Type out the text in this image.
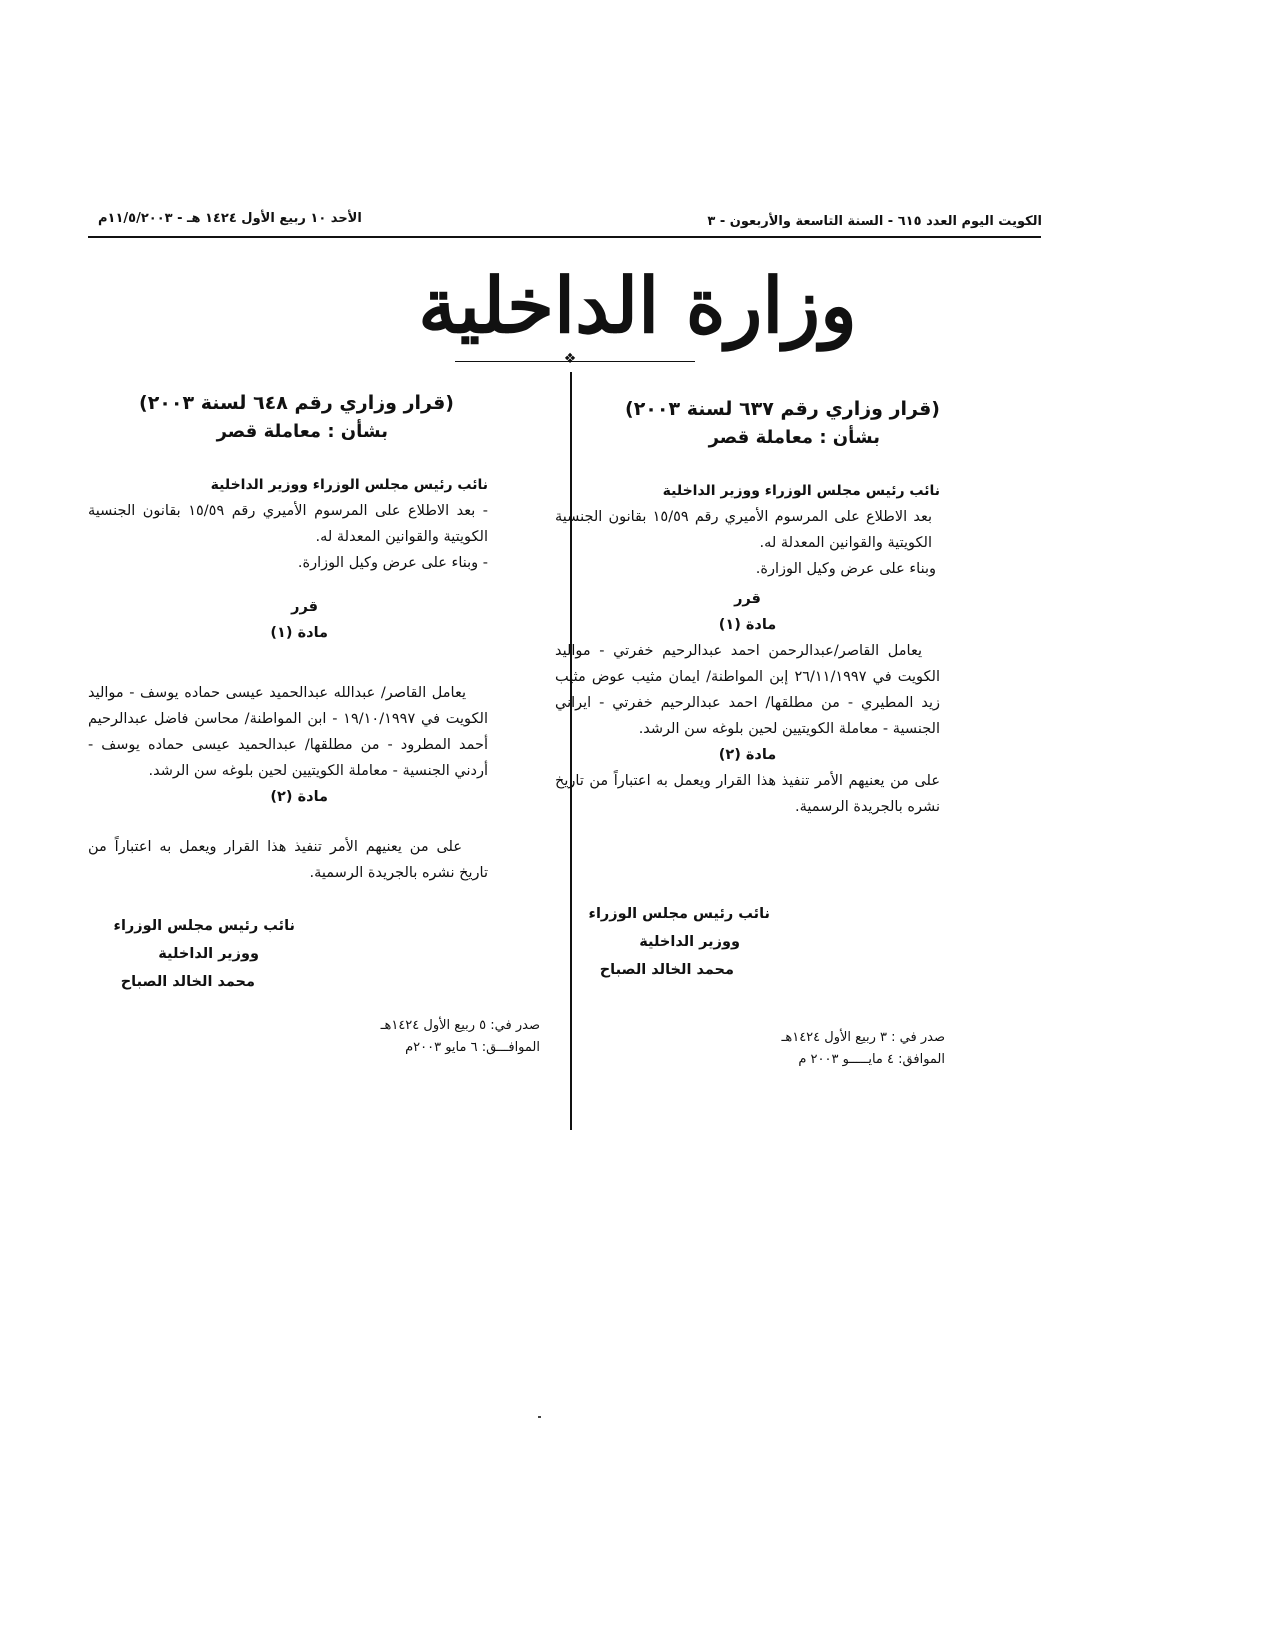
الكويت اليوم العدد ٦١٥ - السنة التاسعة والأربعون - ٣
الأحد ١٠ ربيع الأول ١٤٢٤ هـ - ١١/٥/٢٠٠٣م
وزارة الداخلية
❖

(قرار وزاري رقم ٦٣٧ لسنة ٢٠٠٣)

بشأن : معاملة قصر

نائب رئيس مجلس الوزراء ووزير الداخلية

بعد الاطلاع على المرسوم الأميري رقم ١٥/٥٩ بقانون الجنسية الكويتية والقوانين المعدلة له.

وبناء على عرض وكيل الوزارة.

قرر

مادة (١)

يعامل القاصر/عبدالرحمن احمد عبدالرحيم خفرتي - مواليد الكويت في ٢٦/١١/١٩٩٧ إبن المواطنة/ ايمان مثيب عوض مثيب زيد المطيري - من مطلقها/ احمد عبدالرحيم خفرتي - ايراني الجنسية - معاملة الكويتيين لحين بلوغه سن الرشد.

مادة (٢)

على من يعنيهم الأمر تنفيذ هذا القرار ويعمل به اعتباراً من تاريخ نشره بالجريدة الرسمية.

نائب رئيس مجلس الوزراء
ووزير الداخلية
محمد الخالد الصباح
صدر في : ٣ ربيع الأول ١٤٢٤هـ
الموافق: ٤ مايـــــو ٢٠٠٣ م

(قرار وزاري رقم ٦٤٨ لسنة ٢٠٠٣)

بشأن : معاملة قصر

نائب رئيس مجلس الوزراء ووزير الداخلية

- بعد الاطلاع على المرسوم الأميري رقم ١٥/٥٩ بقانون الجنسية الكويتية والقوانين المعدلة له.

- وبناء على عرض وكيل الوزارة.

قرر

مادة (١)

يعامل القاصر/ عبدالله عبدالحميد عيسى حماده يوسف - مواليد الكويت في ١٩/١٠/١٩٩٧ - ابن المواطنة/ محاسن فاضل عبدالرحيم أحمد المطرود - من مطلقها/ عبدالحميد عيسى حماده يوسف - أردني الجنسية - معاملة الكويتيين لحين بلوغه سن الرشد.

مادة (٢)

على من يعنيهم الأمر تنفيذ هذا القرار ويعمل به اعتباراً من تاريخ نشره بالجريدة الرسمية.

نائب رئيس مجلس الوزراء
ووزير الداخلية
محمد الخالد الصباح
صدر في: ٥ ربيع الأول ١٤٢٤هـ
الموافـــق: ٦ مايو ٢٠٠٣م
